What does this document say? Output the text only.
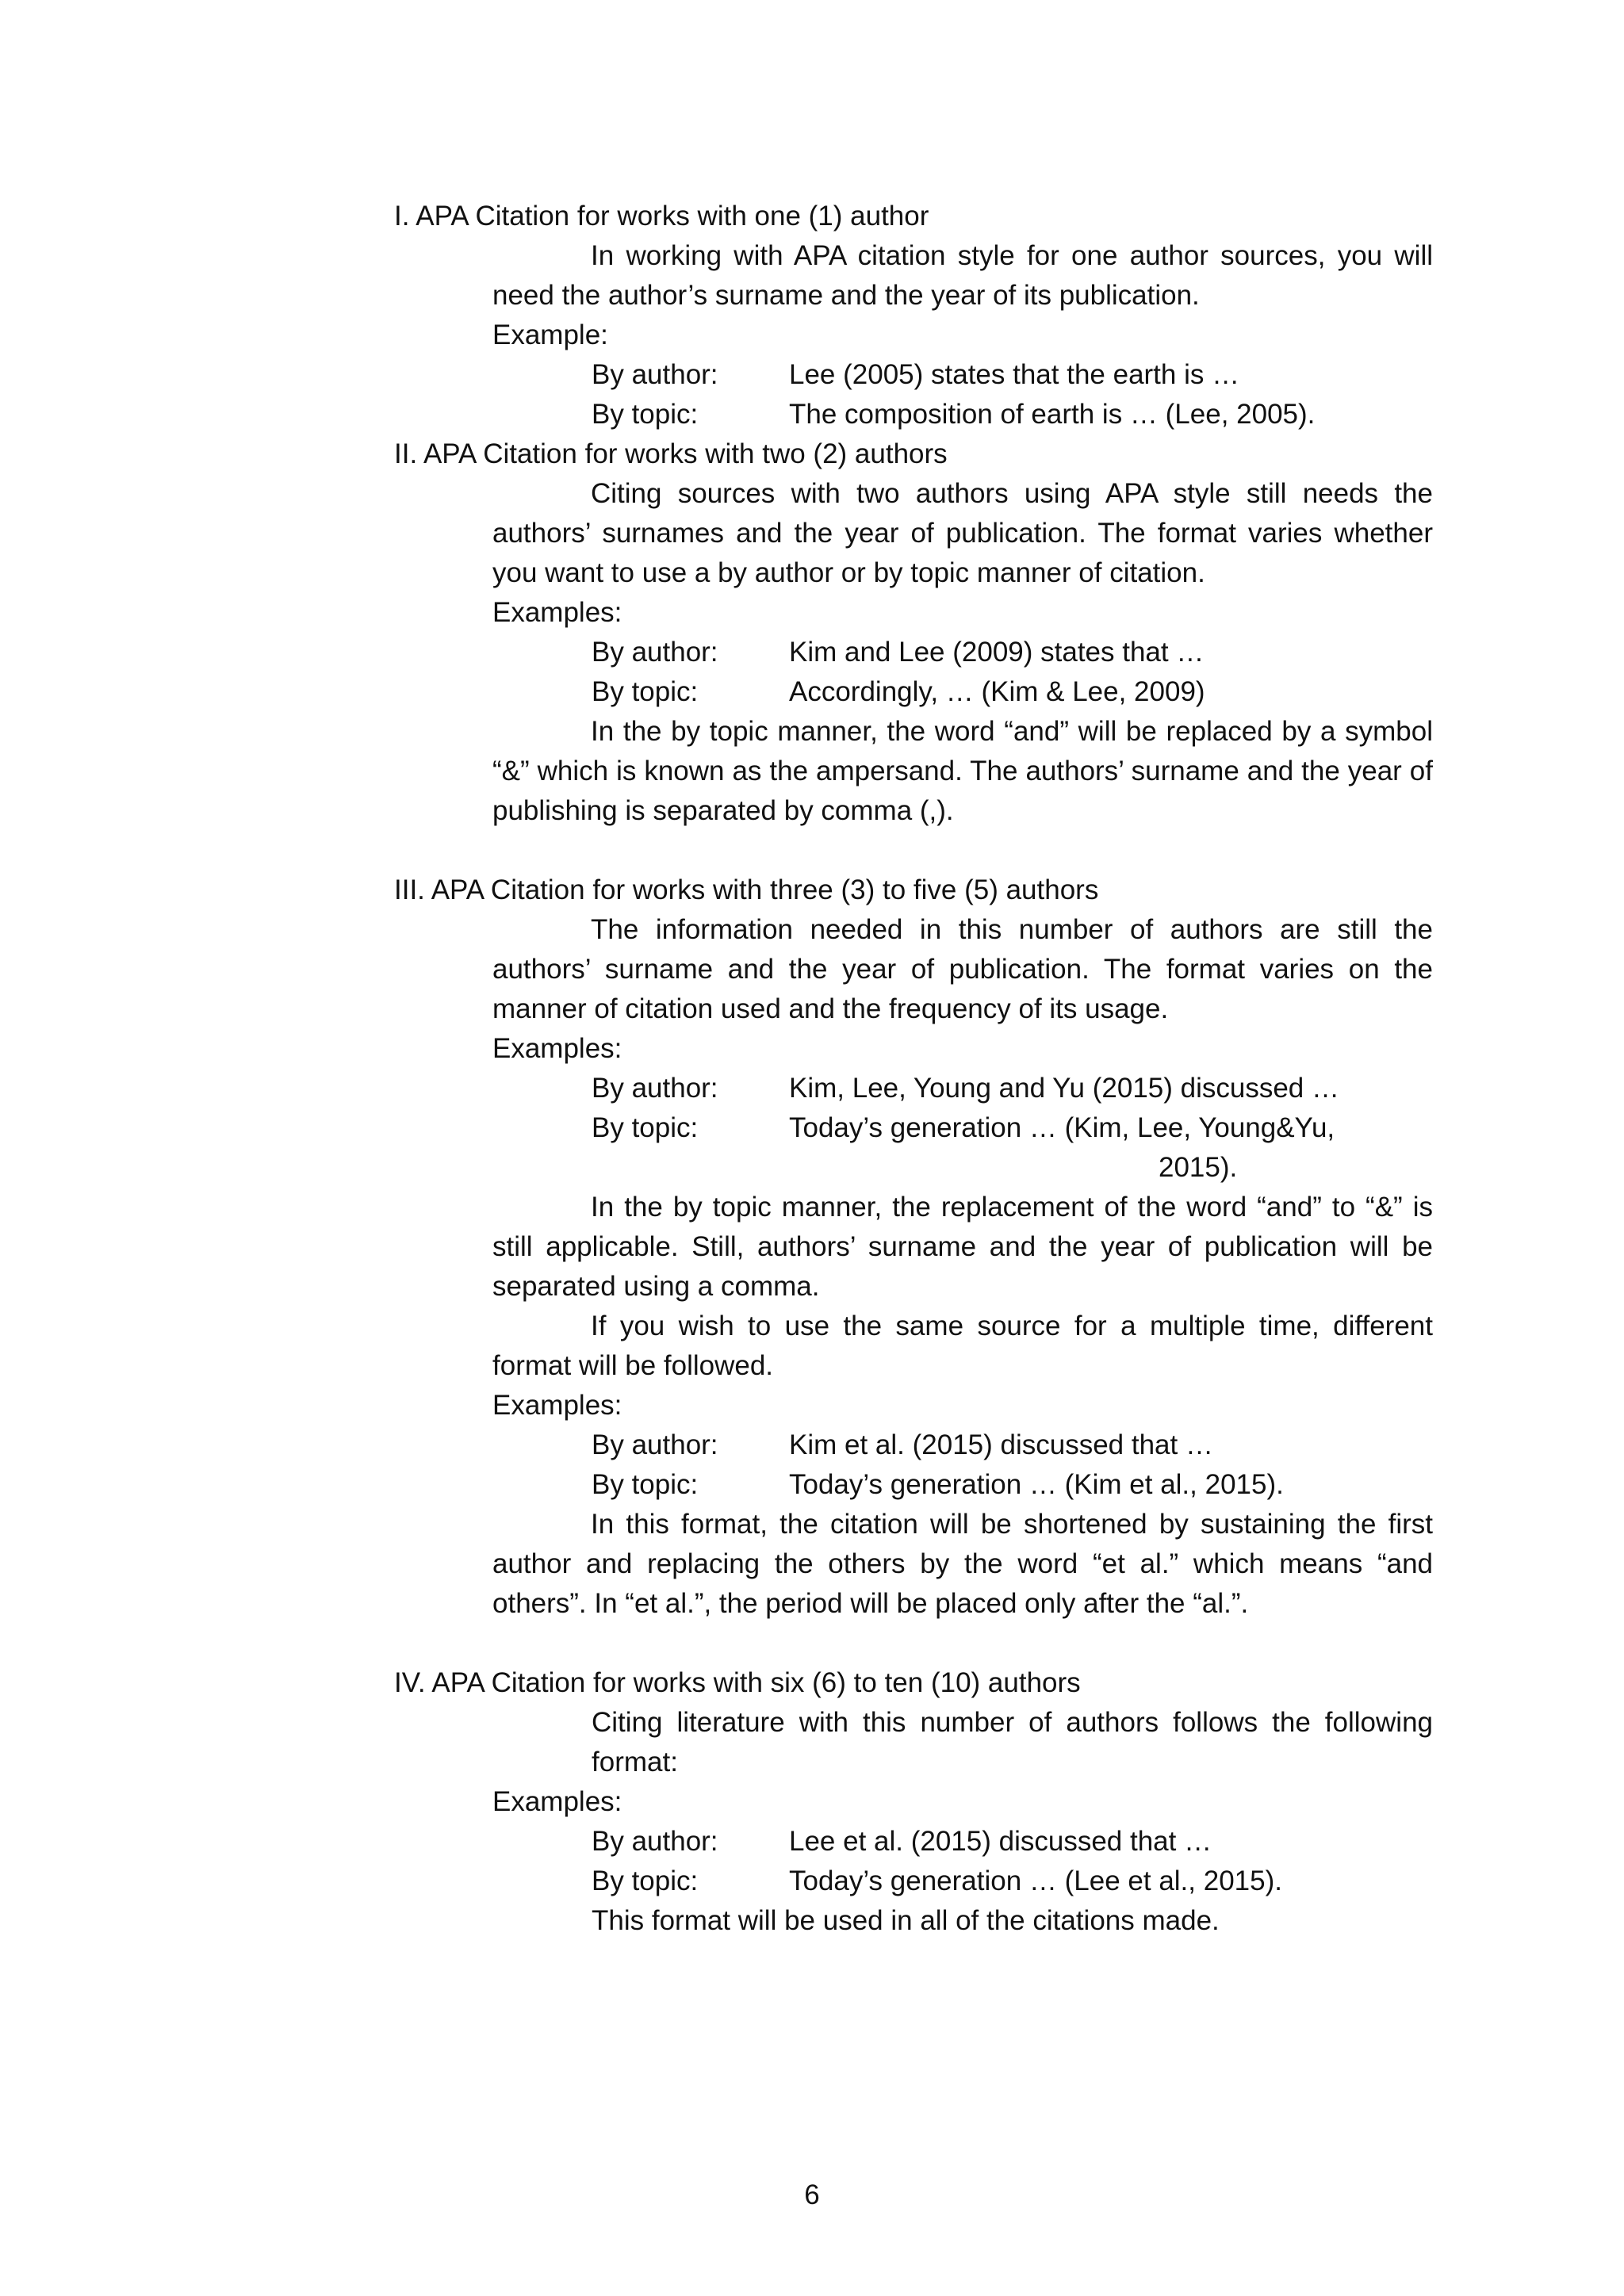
I. APA Citation for works with one (1) author

In working with APA citation style for one author sources, you will need the author’s surname and the year of its publication.

Example:
By author:	Lee (2005) states that the earth is …
By topic:	The composition of earth is … (Lee, 2005).
II. APA Citation for works with two (2) authors

Citing sources with two authors using APA style still needs the authors’ surnames and the year of publication. The format varies whether you want to use a by author or by topic manner of citation.

Examples:
By author:	Kim and Lee (2009) states that …
By topic:	Accordingly, … (Kim & Lee, 2009)

In the by topic manner, the word “and” will be replaced by a symbol “&” which is known as the ampersand. The authors’ surname and the year of publishing is separated by comma (,).

III. APA Citation for works with three (3) to five (5) authors

The information needed in this number of authors are still the authors’ surname and the year of publication. The format varies on the manner of citation used and the frequency of its usage.

Examples:
By author:	Kim, Lee, Young and Yu (2015) discussed …
By topic:	Today’s generation … (Kim, Lee, Young&Yu,
2015).

In the by topic manner, the replacement of the word “and” to “&” is still applicable. Still, authors’ surname and the year of publication will be separated using a comma.

If you wish to use the same source for a multiple time, different format will be followed.

Examples:
By author:	Kim et al. (2015) discussed that …
By topic:	Today’s generation … (Kim et al., 2015).

In this format, the citation will be shortened by sustaining the first author and replacing the others by the word “et al.” which means “and others”. In “et al.”, the period will be placed only after the “al.”.

IV. APA Citation for works with six (6) to ten (10) authors

Citing literature with this number of authors follows the following format:

Examples:
By author:	Lee et al. (2015) discussed that …
By topic:	Today’s generation … (Lee et al., 2015).
This format will be used in all of the citations made.
6
